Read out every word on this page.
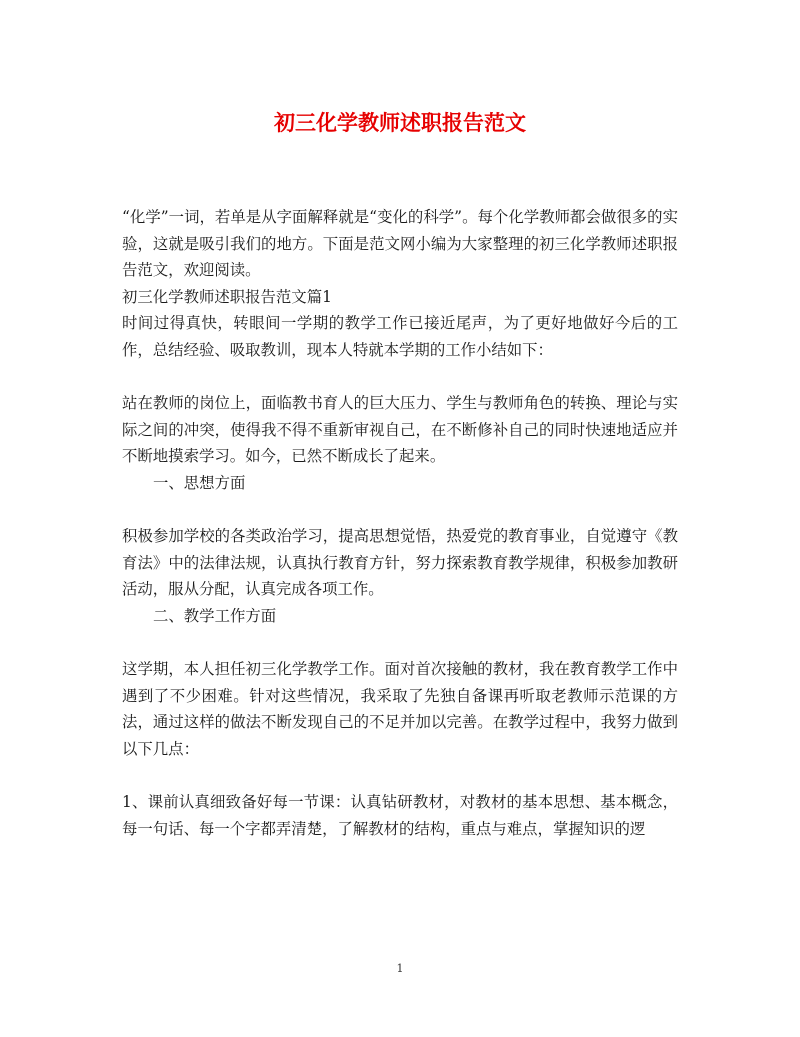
初三化学教师述职报告范文

“化学”一词，若单是从字面解释就是“变化的科学”。每个化学教师都会做很多的实验，这就是吸引我们的地方。下面是范文网小编为大家整理的初三化学教师述职报告范文，欢迎阅读。

初三化学教师述职报告范文篇1

时间过得真快，转眼间一学期的教学工作已接近尾声，为了更好地做好今后的工作，总结经验、吸取教训，现本人特就本学期的工作小结如下：

站在教师的岗位上，面临教书育人的巨大压力、学生与教师角色的转换、理论与实际之间的冲突，使得我不得不重新审视自己，在不断修补自己的同时快速地适应并不断地摸索学习。如今，已然不断成长了起来。

一、思想方面

积极参加学校的各类政治学习，提高思想觉悟，热爱党的教育事业，自觉遵守《教育法》中的法律法规，认真执行教育方针，努力探索教育教学规律，积极参加教研活动，服从分配，认真完成各项工作。

二、教学工作方面

这学期，本人担任初三化学教学工作。面对首次接触的教材，我在教育教学工作中遇到了不少困难。针对这些情况，我采取了先独自备课再听取老教师示范课的方法，通过这样的做法不断发现自己的不足并加以完善。在教学过程中，我努力做到以下几点：

1、课前认真细致备好每一节课：认真钻研教材，对教材的基本思想、基本概念，每一句话、每一个字都弄清楚，了解教材的结构，重点与难点，掌握知识的逻

1
